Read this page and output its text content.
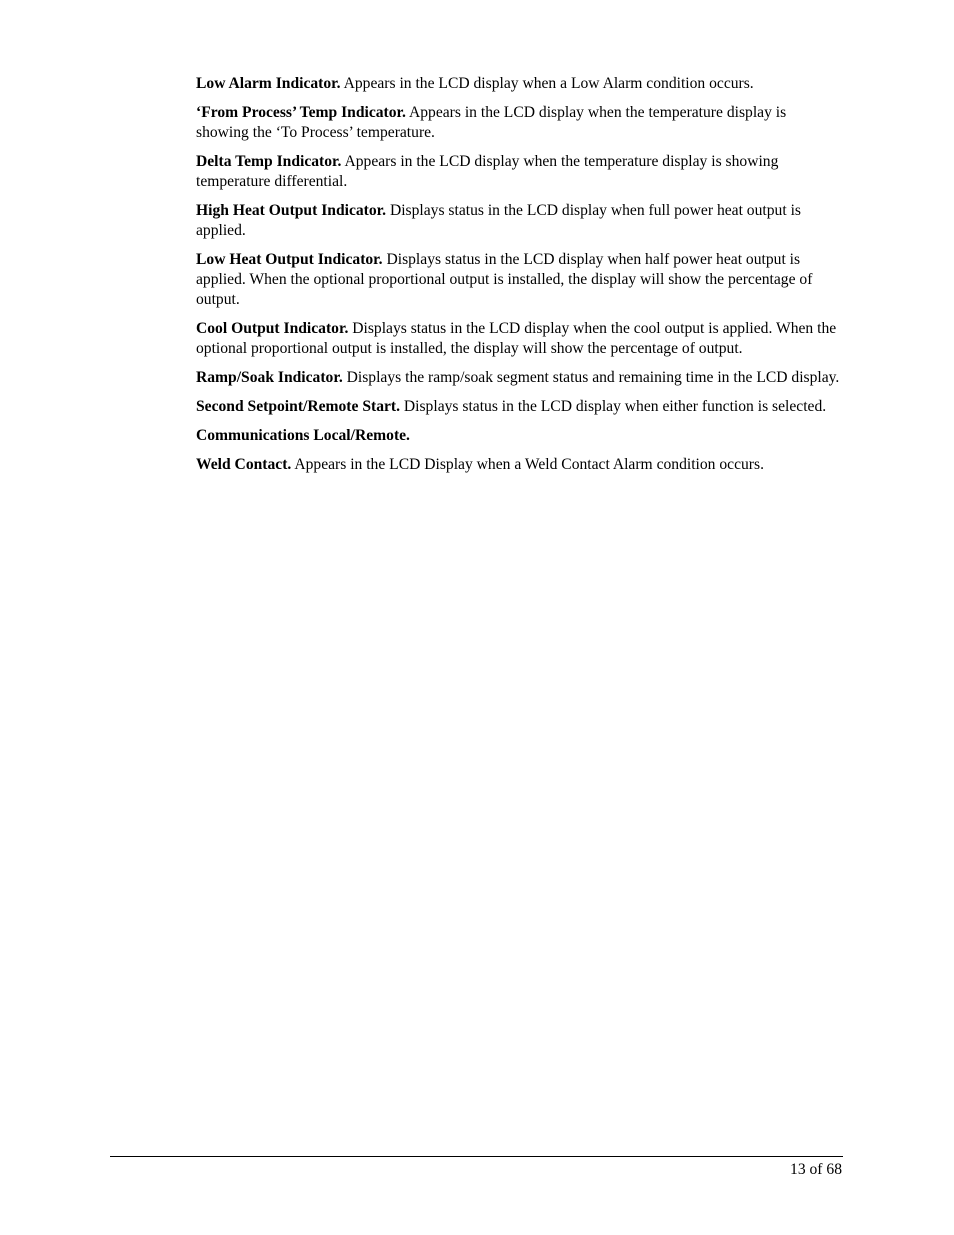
Low Alarm Indicator. Appears in the LCD display when a Low Alarm condition occurs.

‘From Process’ Temp Indicator. Appears in the LCD display when the temperature display is showing the ‘To Process’ temperature.

Delta Temp Indicator. Appears in the LCD display when the temperature display is showing temperature differential.

High Heat Output Indicator. Displays status in the LCD display when full power heat output is applied.

Low Heat Output Indicator. Displays status in the LCD display when half power heat output is applied. When the optional proportional output is installed, the display will show the percentage of output.

Cool Output Indicator. Displays status in the LCD display when the cool output is applied. When the optional proportional output is installed, the display will show the percentage of output.

Ramp/Soak Indicator. Displays the ramp/soak segment status and remaining time in the LCD display.

Second Setpoint/Remote Start. Displays status in the LCD display when either function is selected.

Communications Local/Remote.

Weld Contact. Appears in the LCD Display when a Weld Contact Alarm condition occurs.

13 of 68
